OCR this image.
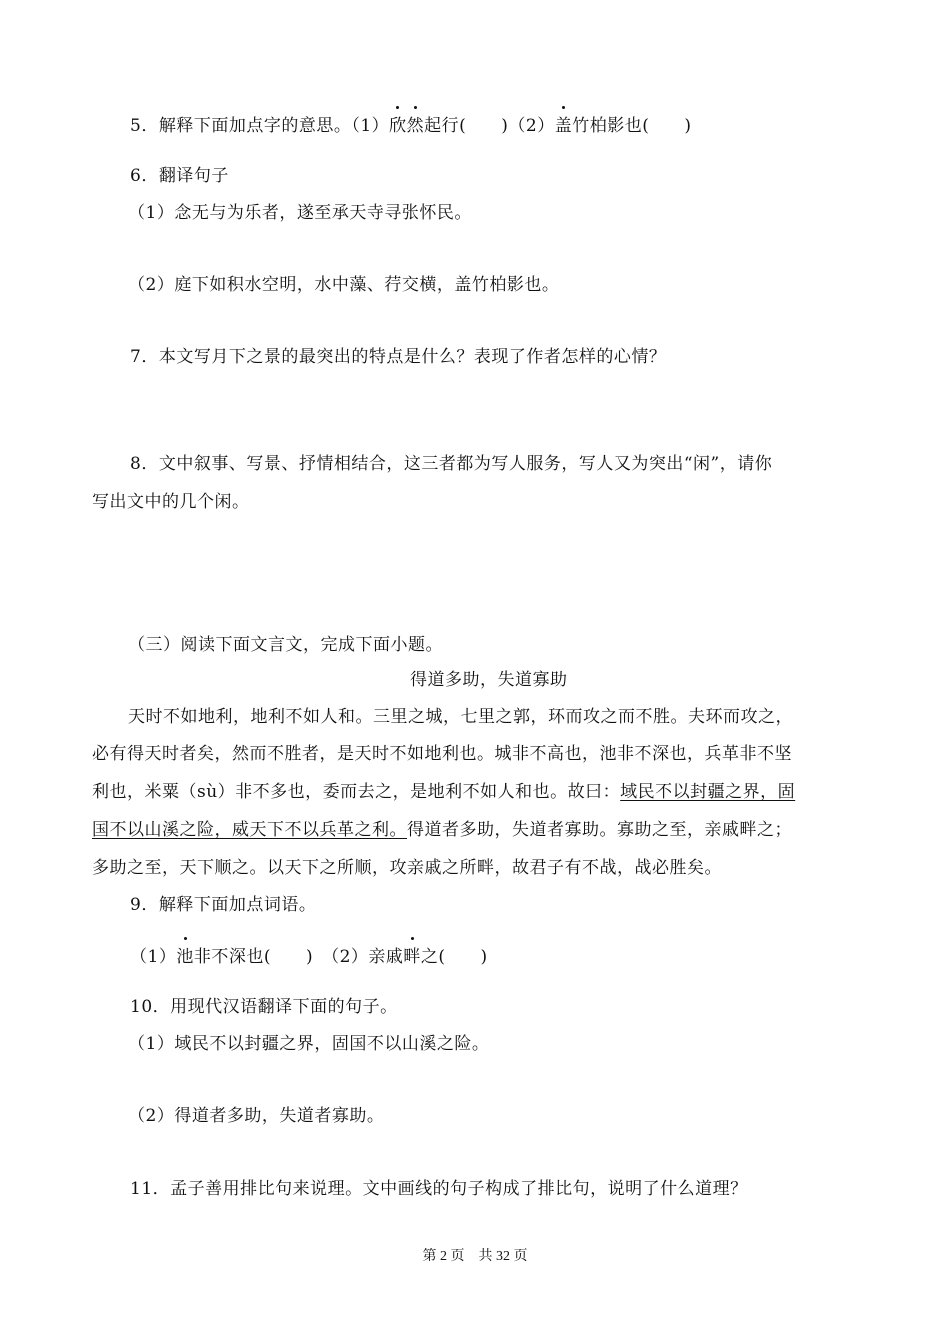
5．解释下面加点字的意思。（1）欣然起行(　　)（2）盖竹柏影也(　　)
6．翻译句子
（1）念无与为乐者，遂至承天寺寻张怀民。
（2）庭下如积水空明，水中藻、荇交横，盖竹柏影也。
7．本文写月下之景的最突出的特点是什么？表现了作者怎样的心情？
8．文中叙事、写景、抒情相结合，这三者都为写人服务，写人又为突出“闲”，请你
写出文中的几个闲。
（三）阅读下面文言文，完成下面小题。
得道多助，失道寡助
天时不如地利，地利不如人和。三里之城，七里之郭，环而攻之而不胜。夫环而攻之，
必有得天时者矣，然而不胜者，是天时不如地利也。城非不高也，池非不深也，兵革非不坚
利也，米粟（sù）非不多也，委而去之，是地利不如人和也。故曰：域民不以封疆之界，固
国不以山溪之险，威天下不以兵革之利。得道者多助，失道者寡助。寡助之至，亲戚畔之；
多助之至，天下顺之。以天下之所顺，攻亲戚之所畔，故君子有不战，战必胜矣。
9．解释下面加点词语。
（1）池非不深也(　　)　（2）亲戚畔之(　　)
10．用现代汉语翻译下面的句子。
（1）域民不以封疆之界，固国不以山溪之险。
（2）得道者多助，失道者寡助。
11．孟子善用排比句来说理。文中画线的句子构成了排比句，说明了什么道理？
第 2 页　共 32 页
